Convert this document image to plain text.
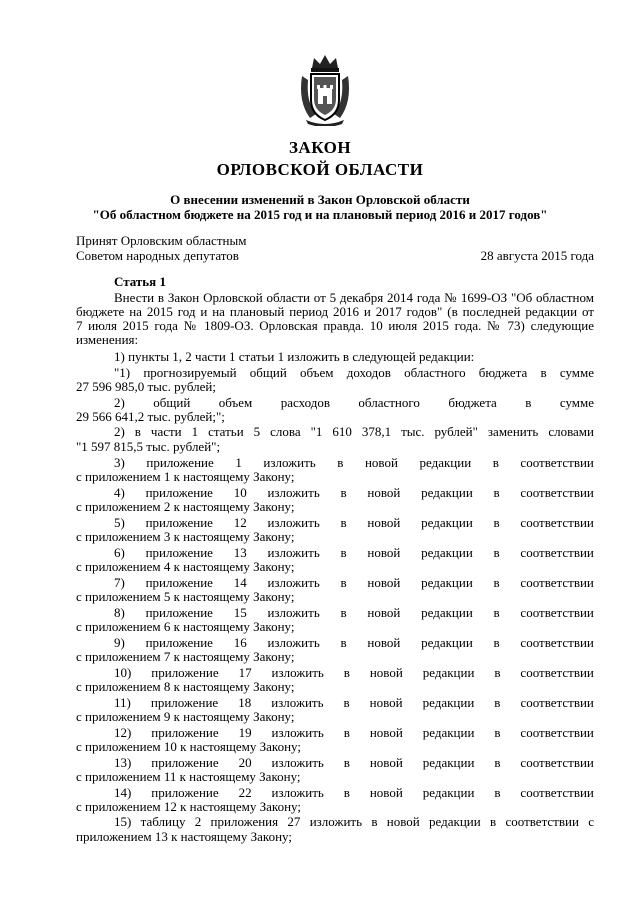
ЗАКОН
ОРЛОВСКОЙ ОБЛАСТИ
О внесении изменений в Закон Орловской области
"Об областном бюджете на 2015 год и на плановый период 2016 и 2017 годов"
Принят Орловским областным
Советом народных депутатов	28 августа 2015 года
Статья 1
Внести в Закон Орловской области от 5 декабря 2014 года № 1699-ОЗ "Об областном
бюджете на 2015 год и на плановый период 2016 и 2017 годов" (в последней редакции от
7 июля 2015 года № 1809-ОЗ. Орловская правда. 10 июля 2015 года. № 73) следующие
изменения:
1) пункты 1, 2 части 1 статьи 1 изложить в следующей редакции:
"1) прогнозируемый общий объем доходов областного бюджета в сумме
27 596 985,0 тыс. рублей;
2) общий объем расходов областного бюджета в сумме
29 566 641,2 тыс. рублей;";
2) в части 1 статьи 5 слова "1 610 378,1 тыс. рублей" заменить словами
"1 597 815,5 тыс. рублей";
3) приложение 1 изложить в новой редакции в соответствии
с приложением 1 к настоящему Закону;
4) приложение 10 изложить в новой редакции в соответствии
с приложением 2 к настоящему Закону;
5) приложение 12 изложить в новой редакции в соответствии
с приложением 3 к настоящему Закону;
6) приложение 13 изложить в новой редакции в соответствии
с приложением 4 к настоящему Закону;
7) приложение 14 изложить в новой редакции в соответствии
с приложением 5 к настоящему Закону;
8) приложение 15 изложить в новой редакции в соответствии
с приложением 6 к настоящему Закону;
9) приложение 16 изложить в новой редакции в соответствии
с приложением 7 к настоящему Закону;
10) приложение 17 изложить в новой редакции в соответствии
с приложением 8 к настоящему Закону;
11) приложение 18 изложить в новой редакции в соответствии
с приложением 9 к настоящему Закону;
12) приложение 19 изложить в новой редакции в соответствии
с приложением 10 к настоящему Закону;
13) приложение 20 изложить в новой редакции в соответствии
с приложением 11 к настоящему Закону;
14) приложение 22 изложить в новой редакции в соответствии
с приложением 12 к настоящему Закону;
15) таблицу 2 приложения 27 изложить в новой редакции в соответствии с
приложением 13 к настоящему Закону;
